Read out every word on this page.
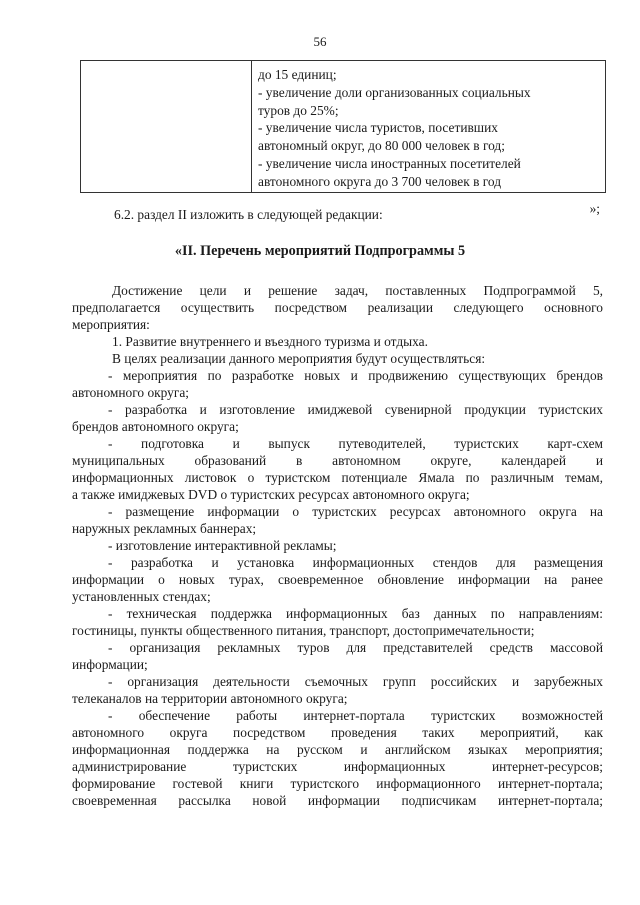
56
до 15 единиц;
- увеличение доли организованных социальных
туров до 25%;
- увеличение числа туристов, посетивших
автономный округ, до 80 000 человек в год;
- увеличение числа иностранных посетителей
автономного округа до 3 700 человек в год
»;
6.2. раздел II изложить в следующей редакции:
«II. Перечень мероприятий Подпрограммы 5
Достижение цели и решение задач, поставленных Подпрограммой 5,
предполагается осуществить посредством реализации следующего основного
мероприятия:
1. Развитие внутреннего и въездного туризма и отдыха.
В целях реализации данного мероприятия будут осуществляться:
- мероприятия по разработке новых и продвижению существующих брендов
автономного округа;
- разработка и изготовление имиджевой сувенирной продукции туристских
брендов автономного округа;
- подготовка и выпуск путеводителей, туристских карт-схем
муниципальных образований в автономном округе, календарей и
информационных листовок о туристском потенциале Ямала по различным темам,
а также имиджевых DVD о туристских ресурсах автономного округа;
- размещение информации о туристских ресурсах автономного округа на
наружных рекламных баннерах;
- изготовление интерактивной рекламы;
- разработка и установка информационных стендов для размещения
информации о новых турах, своевременное обновление информации на ранее
установленных стендах;
- техническая поддержка информационных баз данных по направлениям:
гостиницы, пункты общественного питания, транспорт, достопримечательности;
- организация рекламных туров для представителей средств массовой
информации;
- организация деятельности съемочных групп российских и зарубежных
телеканалов на территории автономного округа;
- обеспечение работы интернет-портала туристских возможностей
автономного округа посредством проведения таких мероприятий, как
информационная поддержка на русском и английском языках мероприятия;
администрирование туристских информационных интернет-ресурсов;
формирование гостевой книги туристского информационного интернет-портала;
своевременная рассылка новой информации подписчикам интернет-портала;
